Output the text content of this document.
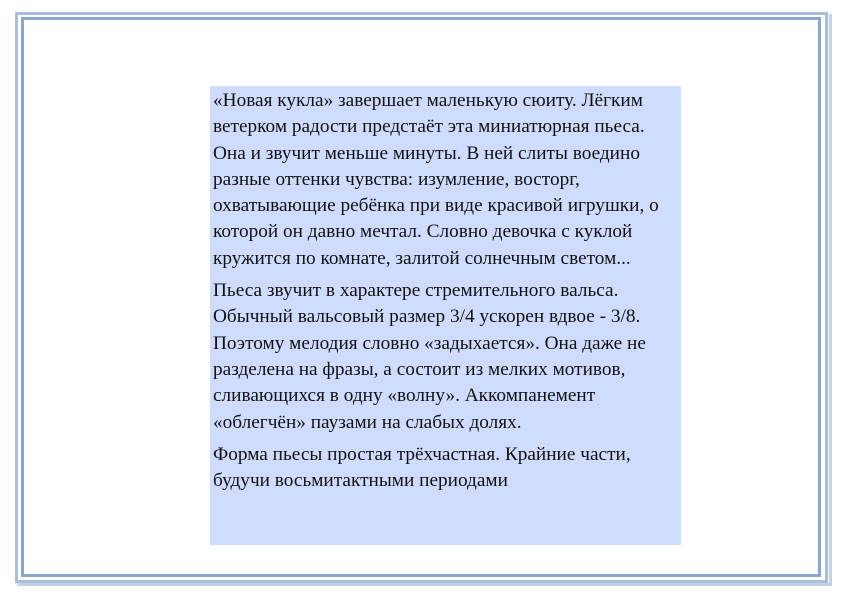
«Новая кукла» завершает маленькую сюиту. Лёгким ветерком радости предстаёт эта миниатюрная пьеса. Она и звучит меньше минуты. В ней слиты воедино разные оттенки чувства: изумление, восторг, охватывающие ребёнка при виде красивой игрушки, о которой он давно мечтал. Словно девочка с куклой кружится по комнате, залитой солнечным светом...

Пьеса звучит в характере стремительного вальса. Обычный вальсовый размер 3/4 ускорен вдвое - 3/8. Поэтому мелодия словно «задыхается». Она даже не разделена на фразы, а состоит из мелких мотивов, сливающихся в одну «волну». Аккомпанемент «облегчён» паузами на слабых долях.

Форма пьесы простая трёхчастная. Крайние части, будучи восьмитактными периодами
